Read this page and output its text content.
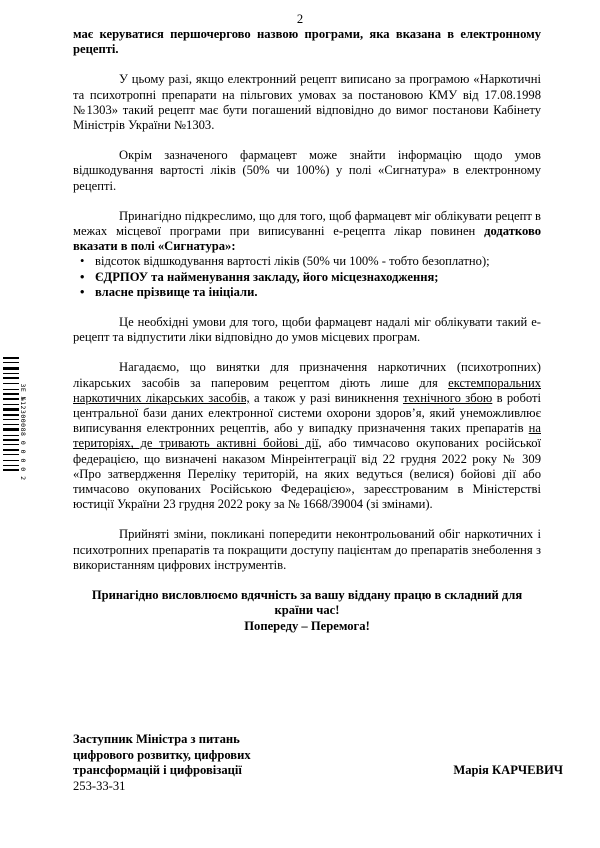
2
ЗЕ №12300088 0 0 0 0 2

має керуватися першочергово назвою програми, яка вказана в електронному рецепті.

У цьому разі, якщо електронний рецепт виписано за програмою «Наркотичні та психотропні препарати на пільгових умовах за постановою КМУ від 17.08.1998 №1303» такий рецепт має бути погашений відповідно до вимог постанови Кабінету Міністрів України №1303.

Окрім зазначеного фармацевт може знайти інформацію щодо умов відшкодування вартості ліків (50% чи 100%) у полі «Сигнатура» в електронному рецепті.

Принагідно підкреслимо, що для того, щоб фармацевт міг облікувати рецепт в межах місцевої програми при виписуванні е-рецепта лікар повинен додатково вказати в полі «Сигнатура»:

• відсоток відшкодування вартості ліків (50% чи 100% - тобто безоплатно);
• ЄДРПОУ та найменування закладу, його місцезнаходження;
• власне прізвище та ініціали.

Це необхідні умови для того, щоби фармацевт надалі міг облікувати такий е-рецепт та відпустити ліки відповідно до умов місцевих програм.

Нагадаємо, що винятки для призначення наркотичних (психотропних) лікарських засобів за паперовим рецептом діють лише для екстемпоральних наркотичних лікарських засобів, а також у разі виникнення технічного збою в роботі центральної бази даних електронної системи охорони здоров’я, який унеможливлює виписування електронних рецептів, або у випадку призначення таких препаратів на територіях, де тривають активні бойові дії, або тимчасово окупованих російської федерацією, що визначені наказом Мінреінтеграції від 22 грудня 2022 року № 309 «Про затвердження Переліку територій, на яких ведуться (велися) бойові дії або тимчасово окупованих Російською Федерацією», зареєстрованим в Міністерстві юстиції України 23 грудня 2022 року за № 1668/39004 (зі змінами).

Прийняті зміни, покликані попередити неконтрольований обіг наркотичних і психотропних препаратів та покращити доступу пацієнтам до препаратів знеболення з використанням цифрових інструментів.

Принагідно висловлюємо вдячність за вашу віддану працю в складний для країни час!

Попереду – Перемога!

Заступник Міністра з питань
цифрового розвитку, цифрових
трансформацій і цифровізації
253-33-31
Марія КАРЧЕВИЧ
